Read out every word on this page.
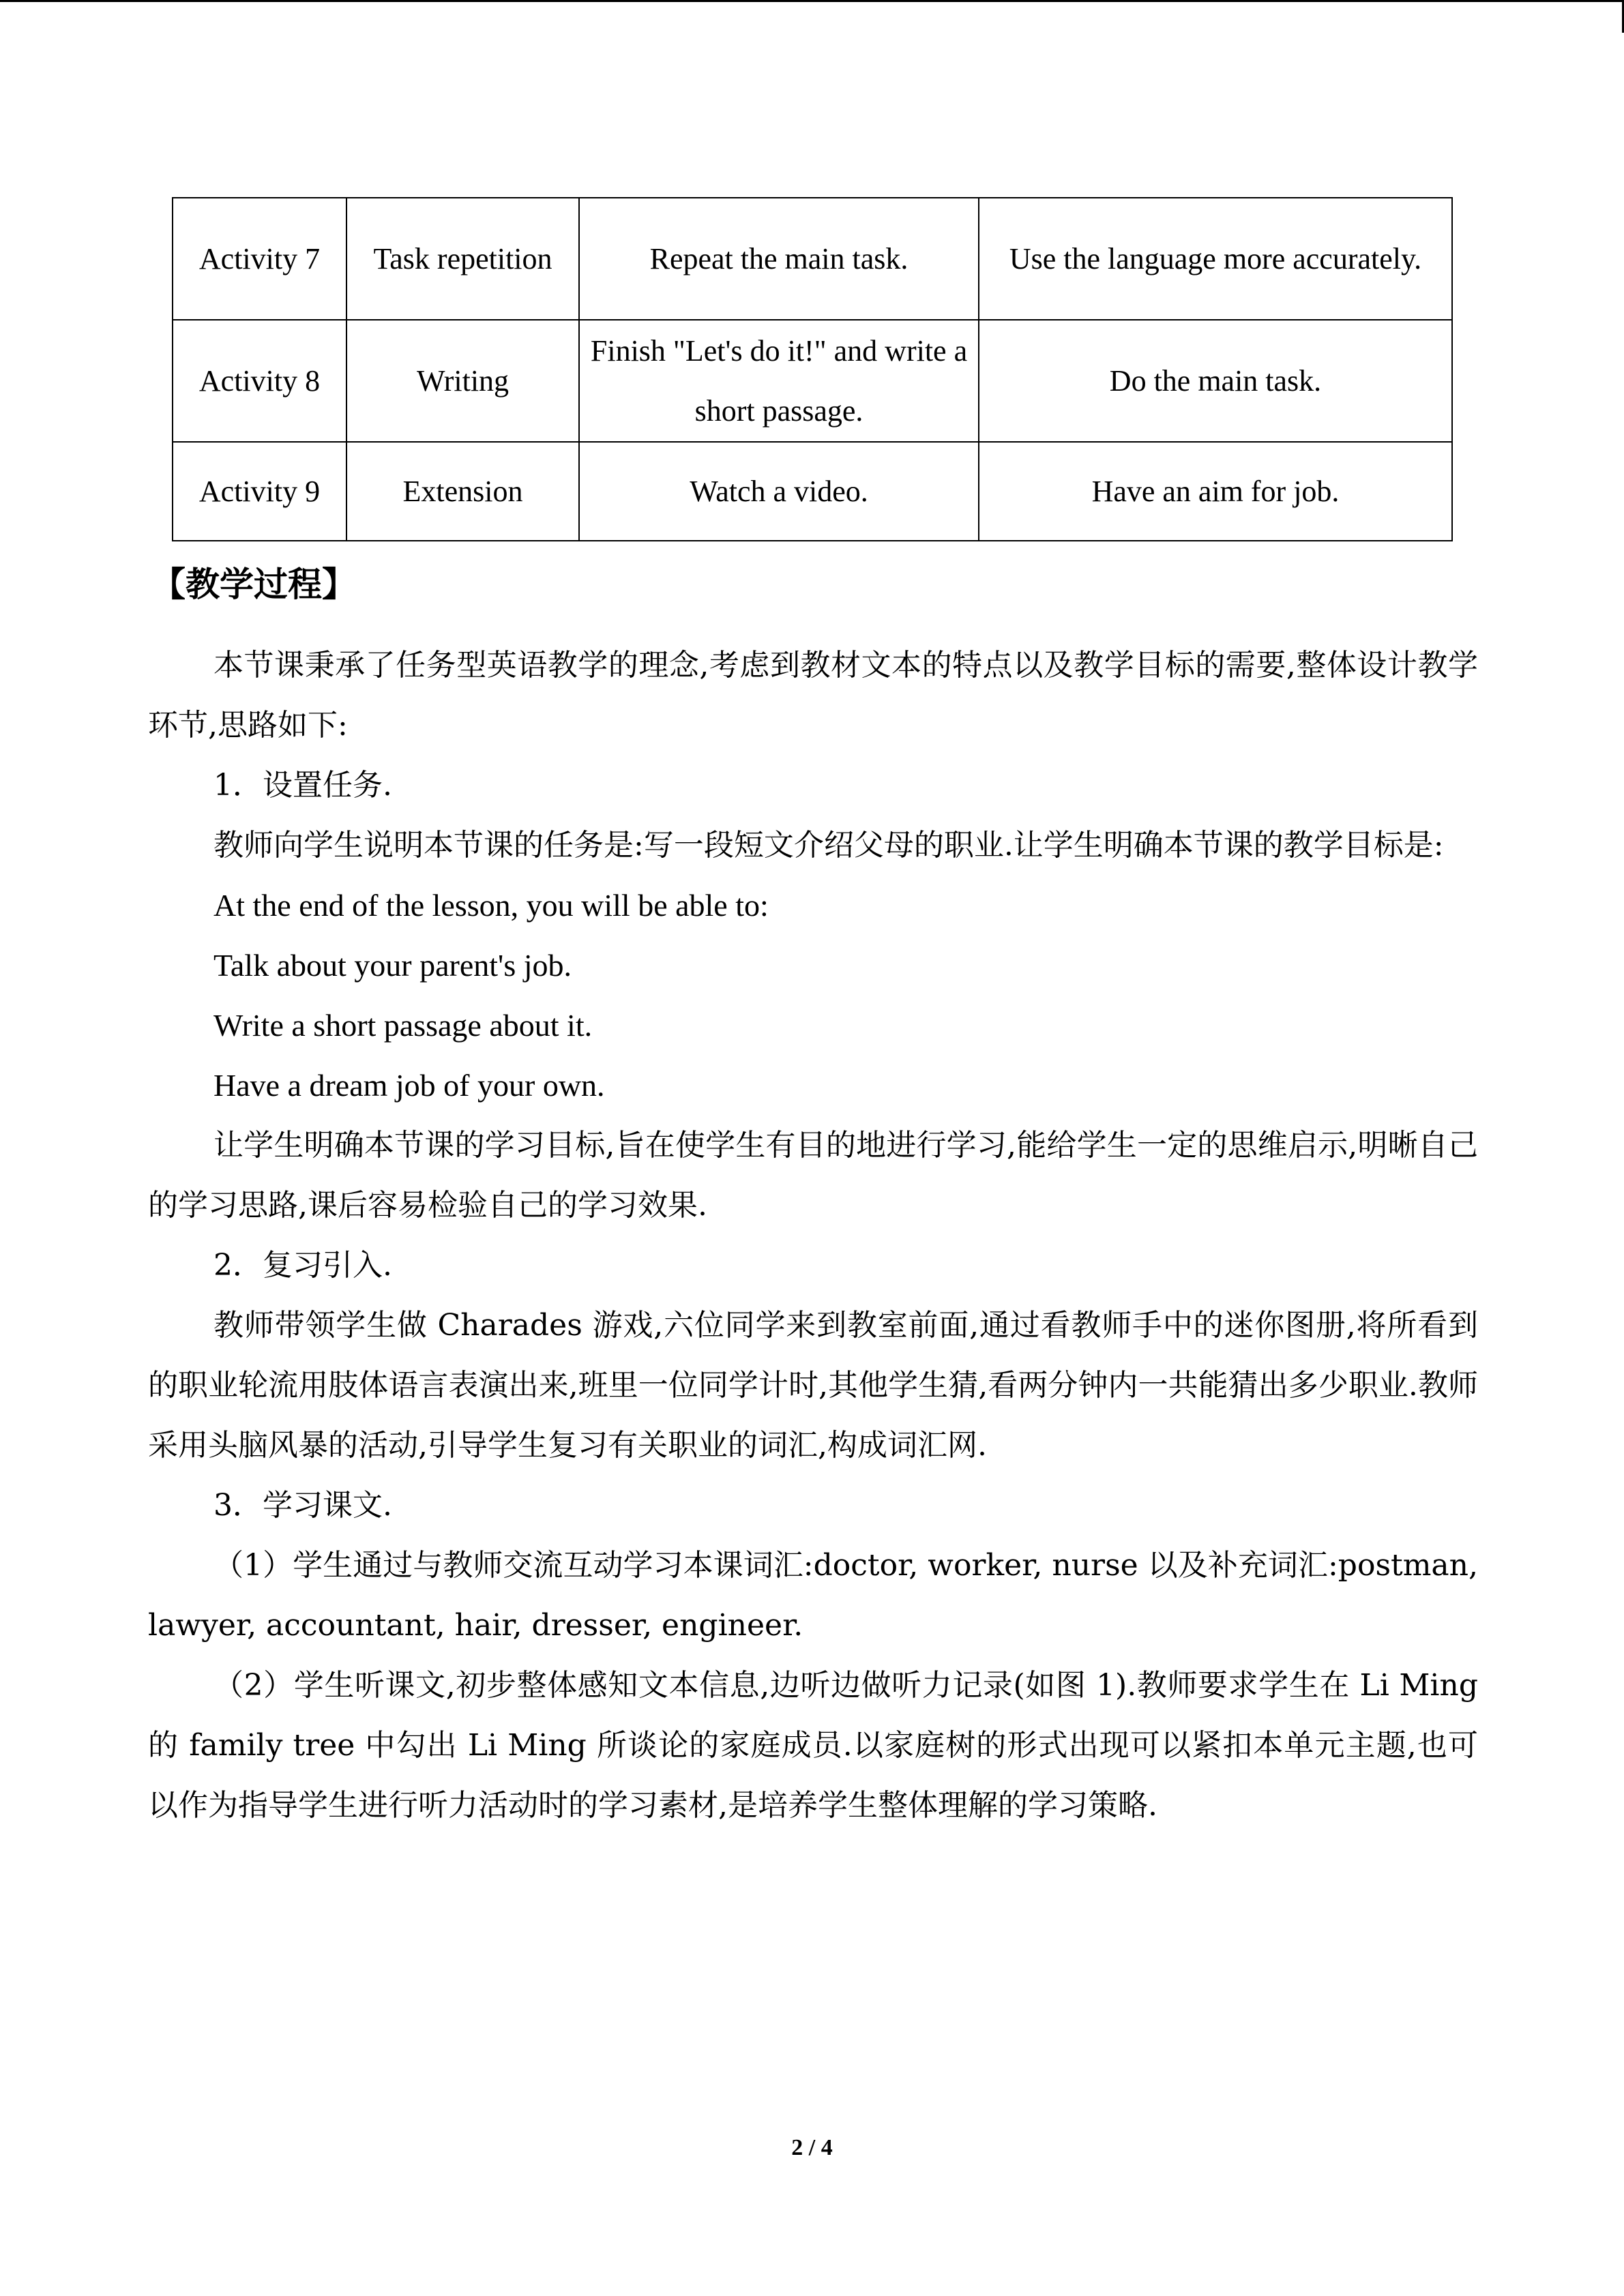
Activity 7	Task repetition	Repeat the main task.	Use the language more accurately.
Activity 8	Writing	Finish "Let's do it!" and write a short passage.	Do the main task.
Activity 9	Extension	Watch a video.	Have an aim for job.
【教学过程】

本节课秉承了任务型英语教学的理念,考虑到教材文本的特点以及教学目标的需要,整体设计教学环节,思路如下:

1．设置任务.

教师向学生说明本节课的任务是:写一段短文介绍父母的职业.让学生明确本节课的教学目标是:

At the end of the lesson, you will be able to:

Talk about your parent's job.

Write a short passage about it.

Have a dream job of your own.

让学生明确本节课的学习目标,旨在使学生有目的地进行学习,能给学生一定的思维启示,明晰自己的学习思路,课后容易检验自己的学习效果.

2．复习引入.

教师带领学生做 Charades 游戏,六位同学来到教室前面,通过看教师手中的迷你图册,将所看到的职业轮流用肢体语言表演出来,班里一位同学计时,其他学生猜,看两分钟内一共能猜出多少职业.教师采用头脑风暴的活动,引导学生复习有关职业的词汇,构成词汇网.

3．学习课文.

（1）学生通过与教师交流互动学习本课词汇:doctor, worker, nurse 以及补充词汇:postman, lawyer, accountant, hair, dresser, engineer.

（2）学生听课文,初步整体感知文本信息,边听边做听力记录(如图 1).教师要求学生在 Li Ming 的 family tree 中勾出 Li Ming 所谈论的家庭成员.以家庭树的形式出现可以紧扣本单元主题,也可以作为指导学生进行听力活动时的学习素材,是培养学生整体理解的学习策略.

2 / 4
